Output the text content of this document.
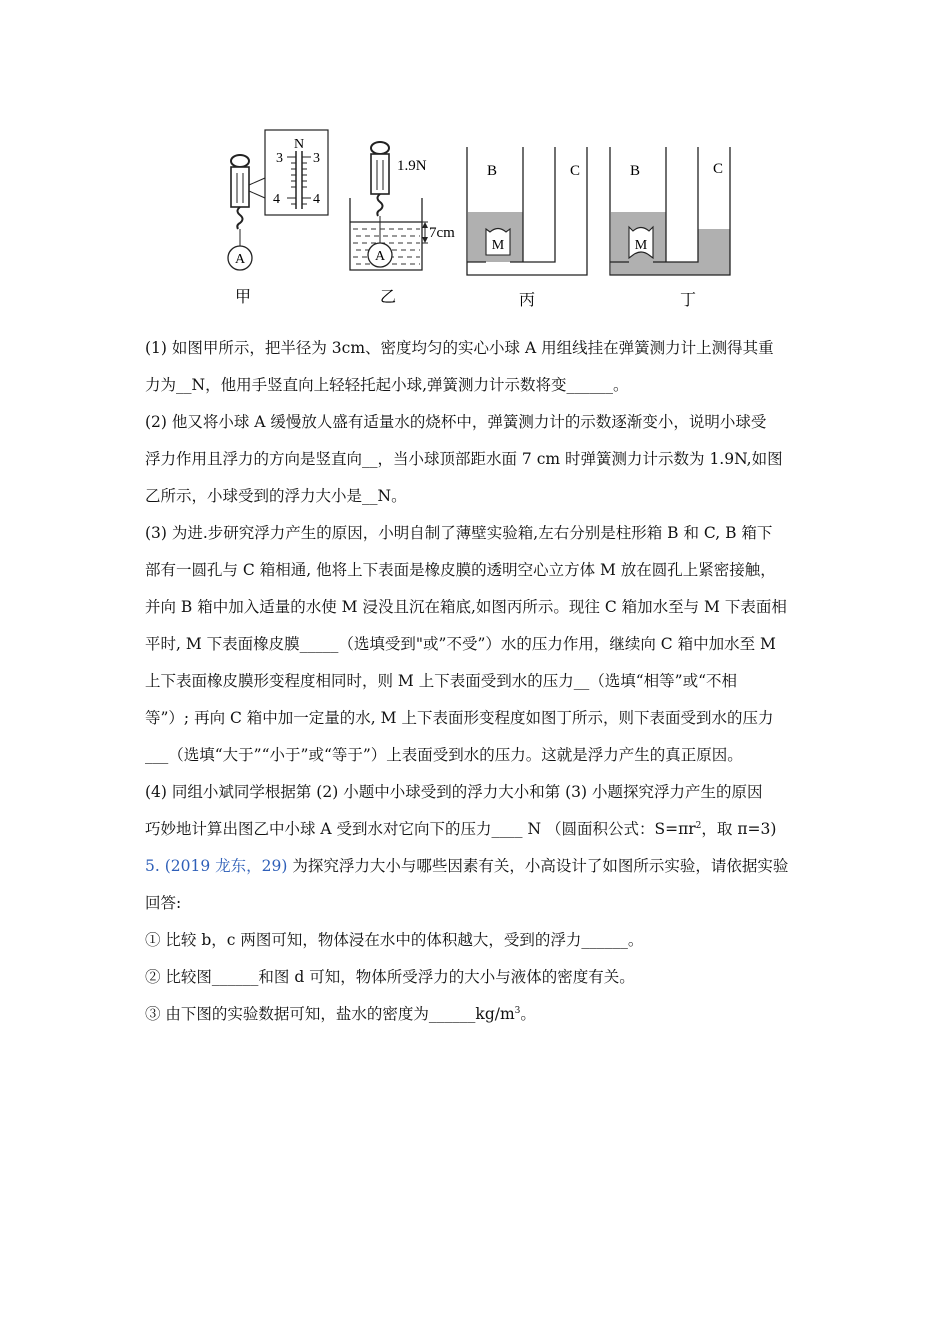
A
N
3 3
4 4
1.9N
A
7cm
M
B	C
M
B	C
甲	乙	丙	丁
(1) 如图甲所示，把半径为 3cm、密度均匀的实心小球 A 用组线挂在弹簧测力计上测得其重
力为__N，他用手竖直向上轻轻托起小球,弹簧测力计示数将变______。
(2) 他又将小球 A 缓慢放人盛有适量水的烧杯中，弹簧测力计的示数逐渐变小，说明小球受
浮力作用且浮力的方向是竖直向__，当小球顶部距水面 7 cm 时弹簧测力计示数为 1.9N,如图
乙所示，小球受到的浮力大小是__N。
(3) 为进.步研究浮力产生的原因，小明自制了薄壁实验箱,左右分别是柱形箱 B 和 C, B 箱下
部有一圆孔与 C 箱相通, 他将上下表面是橡皮膜的透明空心立方体 M 放在圆孔上紧密接触，
并向 B 箱中加入适量的水使 M 浸没且沉在箱底,如图丙所示。现往 C 箱加水至与 M 下表面相
平时, M 下表面橡皮膜_____（选填受到"或”不受”）水的压力作用，继续向 C 箱中加水至 M
上下表面橡皮膜形变程度相同时，则 M 上下表面受到水的压力__（选填“相等”或“不相
等”）; 再向 C 箱中加一定量的水, M 上下表面形变程度如图丁所示，则下表面受到水的压力
___（选填“大于”“小于”或“等于”）上表面受到水的压力。这就是浮力产生的真正原因。
(4) 同组小斌同学根据第 (2) 小题中小球受到的浮力大小和第 (3) 小题探究浮力产生的原因
巧妙地计算出图乙中小球 A 受到水对它向下的压力____ N （圆面积公式：$S=\pi r^2$，取 π=3)
5. (2019 龙东，29) 为探究浮力大小与哪些因素有关，小高设计了如图所示实验，请依据实验
回答:
① 比较 b，c 两图可知，物体浸在水中的体积越大，受到的浮力______。
② 比较图______和图 d 可知，物体所受浮力的大小与液体的密度有关。
③ 由下图的实验数据可知，盐水的密度为$\_\_\_\_\_\_kg/m^3$。
